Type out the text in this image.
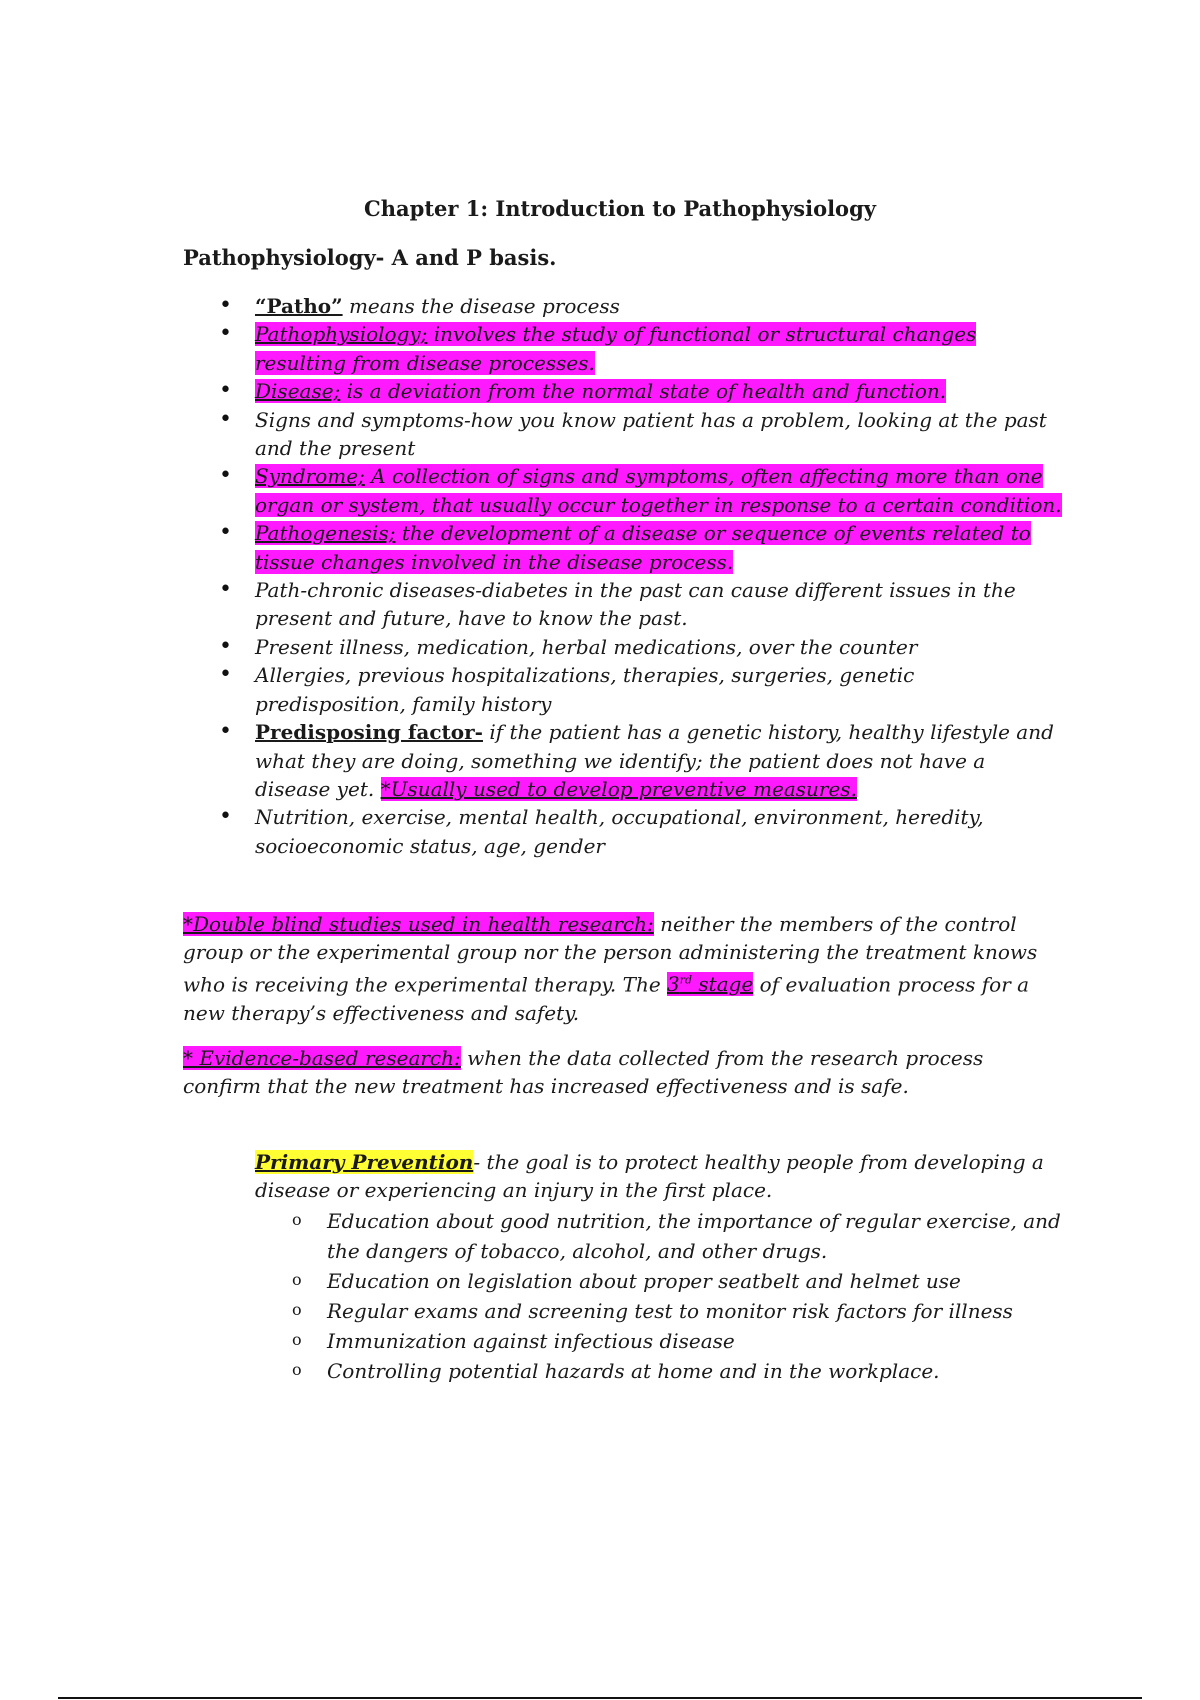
Chapter 1: Introduction to Pathophysiology
Pathophysiology- A and P basis.
• “Patho” means the disease process
• Pathophysiology; involves the study of functional or structural changes resulting from disease processes.
• Disease; is a deviation from the normal state of health and function.
• Signs and symptoms-how you know patient has a problem, looking at the past and the present
• Syndrome; A collection of signs and symptoms, often affecting more than one organ or system, that usually occur together in response to a certain condition.
• Pathogenesis; the development of a disease or sequence of events related to tissue changes involved in the disease process.
• Path-chronic diseases-diabetes in the past can cause different issues in the present and future, have to know the past.
• Present illness, medication, herbal medications, over the counter
• Allergies, previous hospitalizations, therapies, surgeries, genetic predisposition, family history
• Predisposing factor- if the patient has a genetic history, healthy lifestyle and what they are doing, something we identify; the patient does not have a disease yet. *Usually used to develop preventive measures.
• Nutrition, exercise, mental health, occupational, environment, heredity, socioeconomic status, age, gender

*Double blind studies used in health research: neither the members of the control group or the experimental group nor the person administering the treatment knows who is receiving the experimental therapy. The 3rd stage of evaluation process for a new therapy’s effectiveness and safety.

* Evidence-based research: when the data collected from the research process confirm that the new treatment has increased effectiveness and is safe.

Primary Prevention- the goal is to protect healthy people from developing a disease or experiencing an injury in the first place.
o Education about good nutrition, the importance of regular exercise, and the dangers of tobacco, alcohol, and other drugs.
o Education on legislation about proper seatbelt and helmet use
o Regular exams and screening test to monitor risk factors for illness
o Immunization against infectious disease
o Controlling potential hazards at home and in the workplace.
